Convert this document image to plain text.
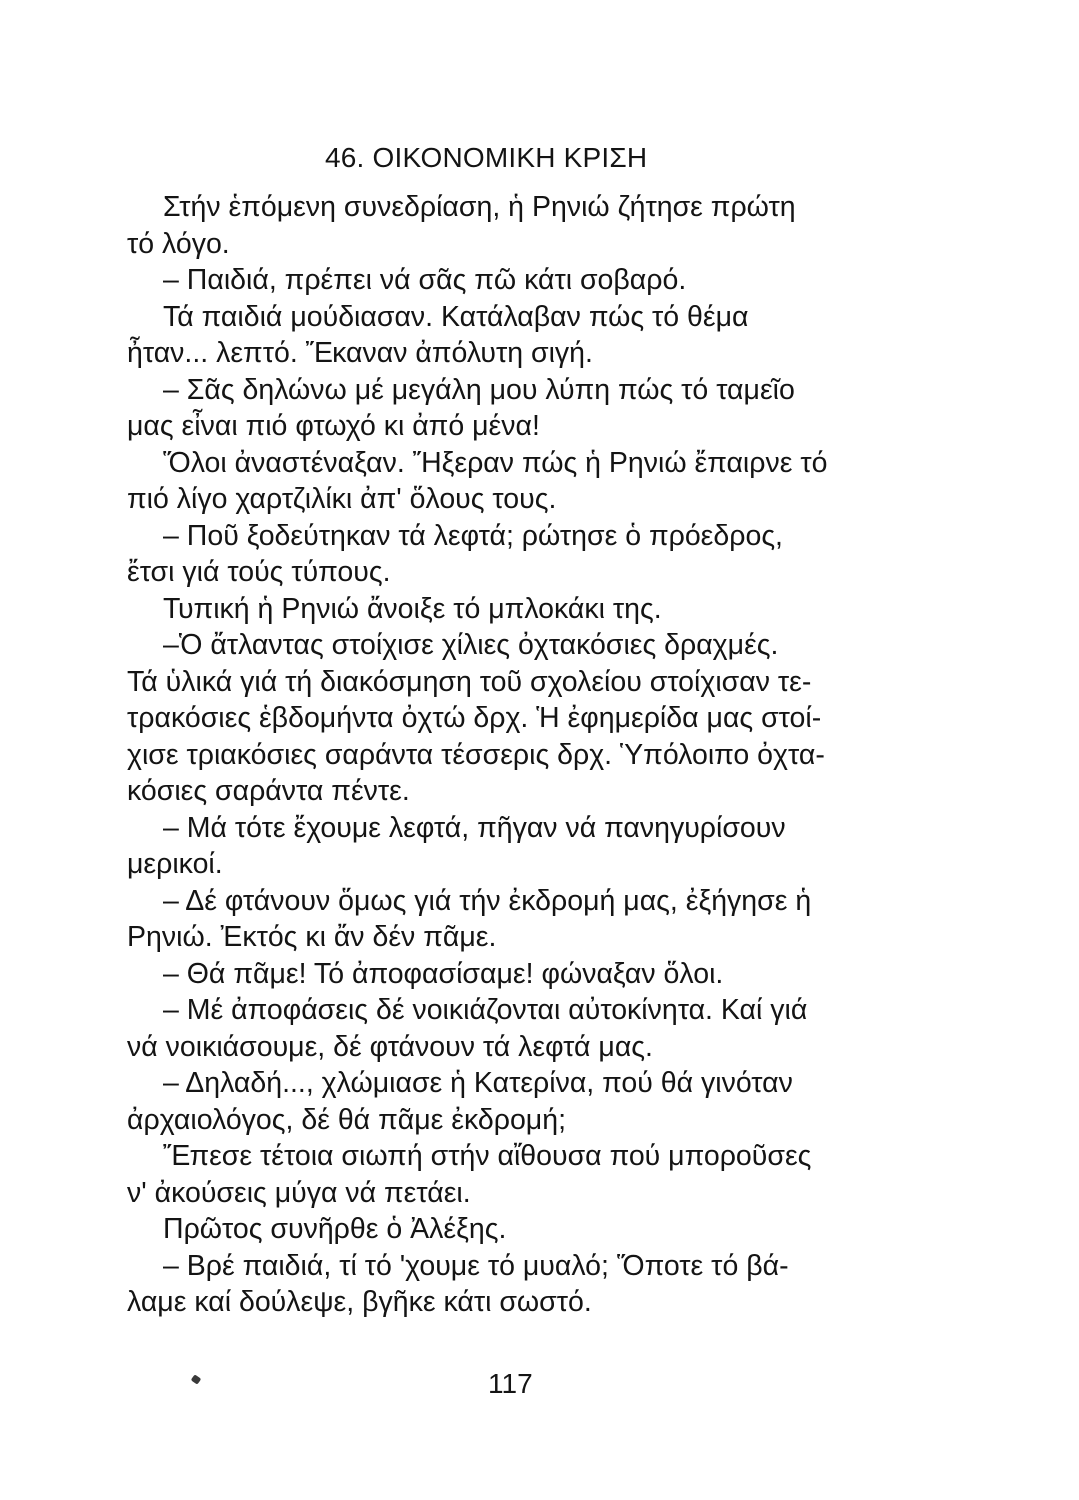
46. ΟΙΚΟΝΟΜΙΚΗ ΚΡΙΣΗ
Στήν ἑπόμενη συνεδρίαση, ἡ Ρηνιώ ζήτησε πρώτη
τό λόγο.
– Παιδιά, πρέπει νά σᾶς πῶ κάτι σοβαρό.
Τά παιδιά μούδιασαν. Κατάλαβαν πώς τό θέμα
ἦταν... λεπτό. Ἔκαναν ἀπόλυτη σιγή.
– Σᾶς δηλώνω μέ μεγάλη μου λύπη πώς τό ταμεῖο
μας εἶναι πιό φτωχό κι ἀπό μένα!
Ὅλοι ἀναστέναξαν. Ἤξεραν πώς ἡ Ρηνιώ ἔπαιρνε τό
πιό λίγο χαρτζιλίκι ἀπ' ὅλους τους.
– Ποῦ ξοδεύτηκαν τά λεφτά; ρώτησε ὁ πρόεδρος,
ἔτσι γιά τούς τύπους.
Τυπική ἡ Ρηνιώ ἄνοιξε τό μπλοκάκι της.
–Ὁ ἄτλαντας στοίχισε χίλιες ὀχτακόσιες δραχμές.
Τά ὑλικά γιά τή διακόσμηση τοῦ σχολείου στοίχισαν τε-
τρακόσιες ἑβδομήντα ὀχτώ δρχ. Ἡ ἐφημερίδα μας στοί-
χισε τριακόσιες σαράντα τέσσερις δρχ. Ὑπόλοιπο ὀχτα-
κόσιες σαράντα πέντε.
– Μά τότε ἔχουμε λεφτά, πῆγαν νά πανηγυρίσουν
μερικοί.
– Δέ φτάνουν ὅμως γιά τήν ἐκδρομή μας, ἐξήγησε ἡ
Ρηνιώ. Ἐκτός κι ἄν δέν πᾶμε.
– Θά πᾶμε! Τό ἀποφασίσαμε! φώναξαν ὅλοι.
– Μέ ἀποφάσεις δέ νοικιάζονται αὐτοκίνητα. Καί γιά
νά νοικιάσουμε, δέ φτάνουν τά λεφτά μας.
– Δηλαδή..., χλώμιασε ἡ Κατερίνα, πού θά γινόταν
ἀρχαιολόγος, δέ θά πᾶμε ἐκδρομή;
Ἔπεσε τέτοια σιωπή στήν αἴθουσα πού μποροῦσες
ν' ἀκούσεις μύγα νά πετάει.
Πρῶτος συνῆρθε ὁ Ἀλέξης.
– Βρέ παιδιά, τί τό 'χουμε τό μυαλό; Ὅποτε τό βά-
λαμε καί δούλεψε, βγῆκε κάτι σωστό.
117
